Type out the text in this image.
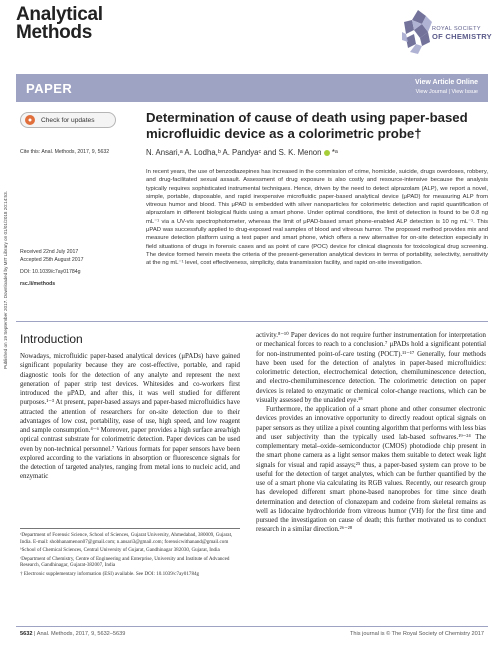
Published on 19 September 2017. Downloaded by MIT Library on 01/01/2018 20:14:53.
Analytical
Methods	ROYAL SOCIETY
OF CHEMISTRY
PAPER	View Article Online
View Journal | View Issue
Check for updates
Cite this: Anal. Methods, 2017, 9, 5632
Determination of cause of death using paper-based microfluidic device as a colorimetric probe†
N. Ansari,ᵃ A. Lodha,ᵇ A. Pandyaᶜ and S. K. Menon *ᵃ
In recent years, the use of benzodiazepines has increased in the commission of crime, homicide, suicide, drugs overdoses, robbery, and drug-facilitated sexual assault. Assessment of drug exposure is also costly and resource-intensive because the analysis typically requires sophisticated instrumental techniques. Hence, driven by the need to detect alprazolam (ALP), we report a novel, simple, portable, disposable, and rapid inexpensive microfluidic paper-based analytical device (μPAD) for measuring ALP from vitreous humor and blood. This μPAD is embedded with silver nanoparticles for colorimetric detection and rapid quantification of alprazolam in different biological fluids using a smart phone. Under optimal conditions, the limit of detection is found to be 0.8 ng mL⁻¹ via a UV-vis spectrophotometer, whereas the limit of μPAD-based smart phone-enabled ALP detection is 10 ng mL⁻¹. This μPAD was successfully applied to drug-exposed real samples of blood and vitreous humor. The proposed method provides mix and measure detection platform using a test paper and smart phone, which offers a new alternative for on-site detection especially in field situations of drugs in forensic cases and as point of care (POC) device for clinical diagnosis for toxicological drug screening. The device formed herein meets the criteria of the present-generation analytical devices in terms of portability, selectivity, sensitivity at the ng mL⁻¹ level, cost effectiveness, simplicity, data transmission facility, and rapid on-site investigation.
Received 22nd July 2017
Accepted 25th August 2017
DOI: 10.1039/c7ay01784g
rsc.li/methods
Introduction

Nowadays, microfluidic paper-based analytical devices (μPADs) have gained significant popularity because they are cost-effective, portable, and rapid diagnostic tools for the detection of any analyte and represent the next generation of paper strip test devices. Whitesides and co-workers first introduced the μPAD, and after this, it was well studied for different purposes.¹⁻³ At present, paper-based assays and paper-based microfluidics have attracted the attention of researchers for on-site detection due to their advantages of low cost, portability, ease of use, high speed, and low reagent and sample consumption.⁴⁻⁶ Moreover, paper provides a high surface area/high optical contrast substrate for colorimetric detection. Paper devices can be used even by non-technical personnel.⁷ Various formats for paper sensors have been explored according to the variations in absorption or fluorescence signals for the detection of targeted analytes, ranging from metal ions to nucleic acid, and enzymatic

activity.⁸⁻¹⁰ Paper devices do not require further instrumentation for interpretation or mechanical forces to reach to a conclusion.⁷ μPADs hold a significant potential for non-instrumented point-of-care testing (POCT).¹¹⁻¹⁷ Generally, four methods have been used for the detection of analytes in paper-based microfluidics: colorimetric detection, electrochemical detection, chemiluminescence detection, and electro-chemiluminescence detection. The colorimetric detection on paper devices is related to enzymatic or chemical color-change reactions, which can be visually assessed by the unaided eye.¹⁸

Furthermore, the application of a smart phone and other consumer electronic devices provides an innovative opportunity to directly readout optical signals on paper sensors as they utilize a pixel counting algorithm that performs with less bias and user subjectivity than the typically used lab-based softwares.¹⁹⁻²⁴ The complementary metal–oxide–semiconductor (CMOS) photodiode chip present in the smart phone camera as a light sensor makes them suitable to detect weak light signals for visual and rapid assays;²⁵ thus, a paper-based system can prove to be useful for the detection of target analytes, which can be further quantified by the use of a smart phone via calculating its RGB values. Recently, our research group has developed different smart phone-based nanoprobes for time since death determination and detection of clonazepam and codeine from skeletal remains as well as lidocaine hydrochloride from vitreous humor (VH) for the first time and pursued the investigation on cause of death; this further motivated us to conduct research in a similar direction.²⁶⁻²⁸

ᵃDepartment of Forensic Science, School of Sciences, Gujarat University, Ahmedabad, 380009, Gujarat, India. E-mail: shobhanamenon07@gmail.com; n.ansari3@gmail.com; forensicwithanand@gmail.com

ᵇSchool of Chemical Sciences, Central University of Gujarat, Gandhinagar 382030, Gujarat, India

ᶜDepartment of Chemistry, Centre of Engineering and Enterprise, University and Institute of Advanced Research, Gandhinagar, Gujarat-382007, India

† Electronic supplementary information (ESI) available. See DOI: 10.1039/c7ay01784g

5632 | Anal. Methods, 2017, 9, 5632–5639	This journal is © The Royal Society of Chemistry 2017
